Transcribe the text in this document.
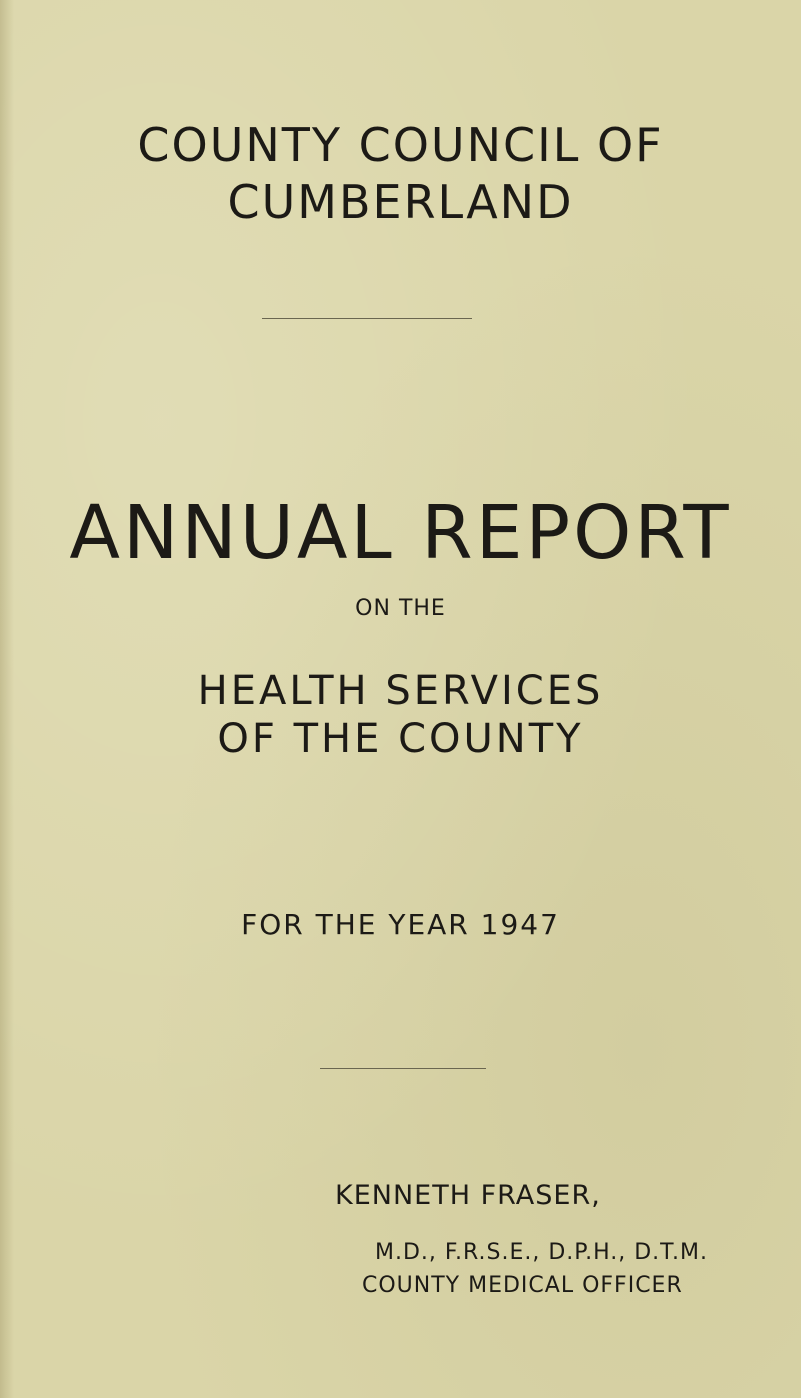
COUNTY COUNCIL OF
CUMBERLAND
ANNUAL REPORT
ON THE
HEALTH SERVICES
OF THE COUNTY
FOR THE YEAR 1947
KENNETH FRASER,
M.D., F.R.S.E., D.P.H., D.T.M.
COUNTY MEDICAL OFFICER
